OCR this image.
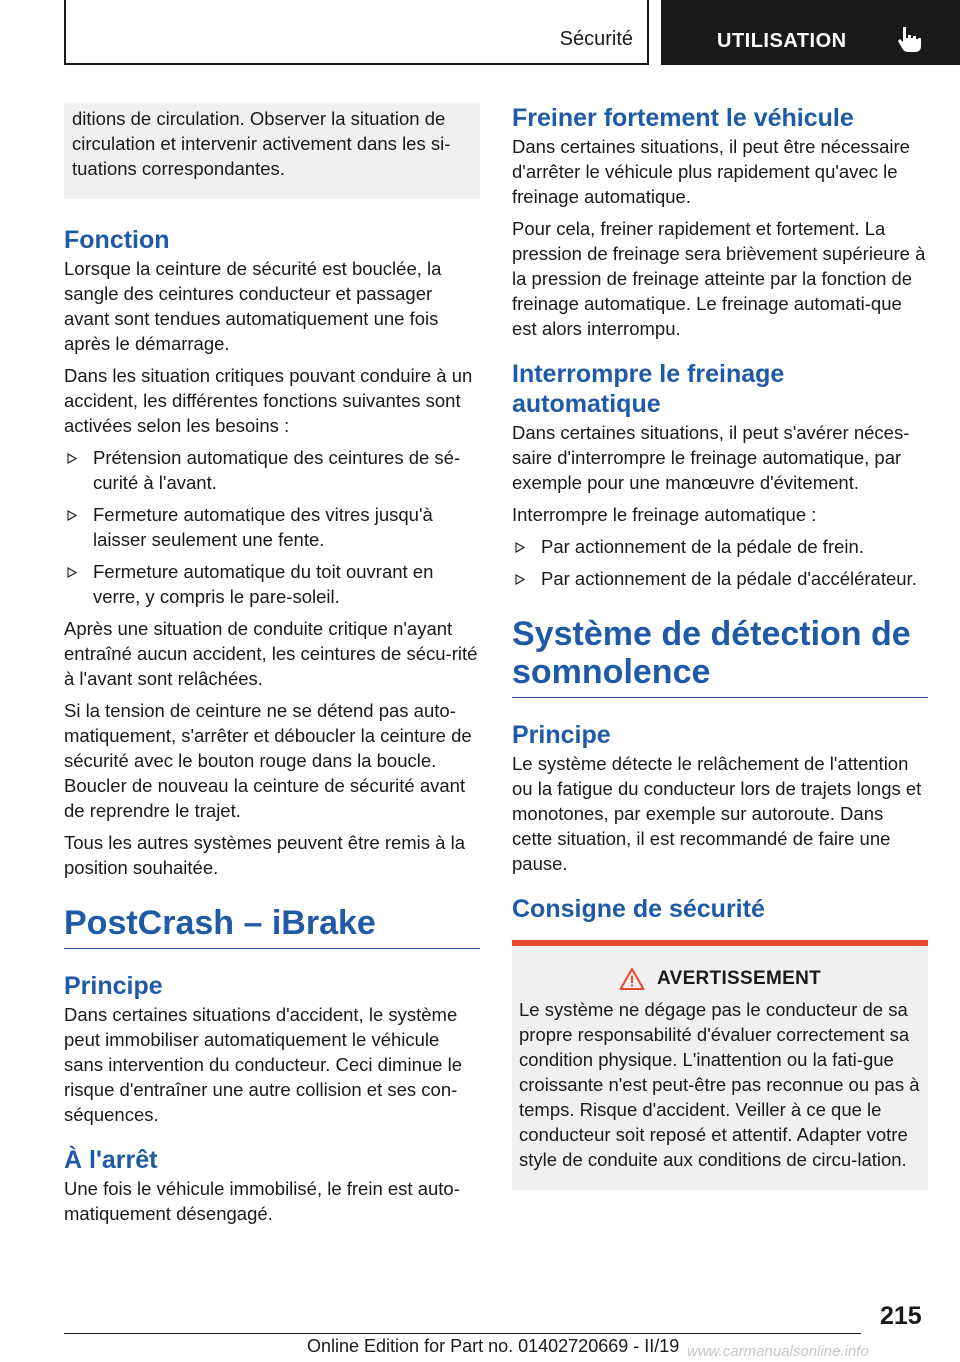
Sécurité	UTILISATION

ditions de circulation. Observer la situation de circulation et intervenir activement dans les si‐tuations correspondantes.

Fonction

Lorsque la ceinture de sécurité est bouclée, la sangle des ceintures conducteur et passager avant sont tendues automatiquement une fois après le démarrage.

Dans les situation critiques pouvant conduire à un accident, les différentes fonctions suivantes sont activées selon les besoins :

Prétension automatique des ceintures de sé‐curité à l'avant.
Fermeture automatique des vitres jusqu'à laisser seulement une fente.
Fermeture automatique du toit ouvrant en verre, y compris le pare-soleil.

Après une situation de conduite critique n'ayant entraîné aucun accident, les ceintures de sécu‐rité à l'avant sont relâchées.

Si la tension de ceinture ne se détend pas auto‐matiquement, s'arrêter et déboucler la ceinture de sécurité avec le bouton rouge dans la boucle. Boucler de nouveau la ceinture de sécurité avant de reprendre le trajet.

Tous les autres systèmes peuvent être remis à la position souhaitée.

PostCrash – iBrake
Principe

Dans certaines situations d'accident, le système peut immobiliser automatiquement le véhicule sans intervention du conducteur. Ceci diminue le risque d'entraîner une autre collision et ses con‐séquences.

À l'arrêt

Une fois le véhicule immobilisé, le frein est auto‐matiquement désengagé.

Freiner fortement le véhicule

Dans certaines situations, il peut être nécessaire d'arrêter le véhicule plus rapidement qu'avec le freinage automatique.

Pour cela, freiner rapidement et fortement. La pression de freinage sera brièvement supérieure à la pression de freinage atteinte par la fonction de freinage automatique. Le freinage automati‐que est alors interrompu.

Interrompre le freinage automatique

Dans certaines situations, il peut s'avérer néces‐saire d'interrompre le freinage automatique, par exemple pour une manœuvre d'évitement.

Interrompre le freinage automatique :

Par actionnement de la pédale de frein.
Par actionnement de la pédale d'accélérateur.
Système de détection de somnolence
Principe

Le système détecte le relâchement de l'attention ou la fatigue du conducteur lors de trajets longs et monotones, par exemple sur autoroute. Dans cette situation, il est recommandé de faire une pause.

Consigne de sécurité
AVERTISSEMENT

Le système ne dégage pas le conducteur de sa propre responsabilité d'évaluer correctement sa condition physique. L'inattention ou la fati‐gue croissante n'est peut-être pas reconnue ou pas à temps. Risque d'accident. Veiller à ce que le conducteur soit reposé et attentif. Adapter votre style de conduite aux conditions de circu‐lation.

215
Online Edition for Part no. 01402720669 - II/19 www.carmanualsonline.info
